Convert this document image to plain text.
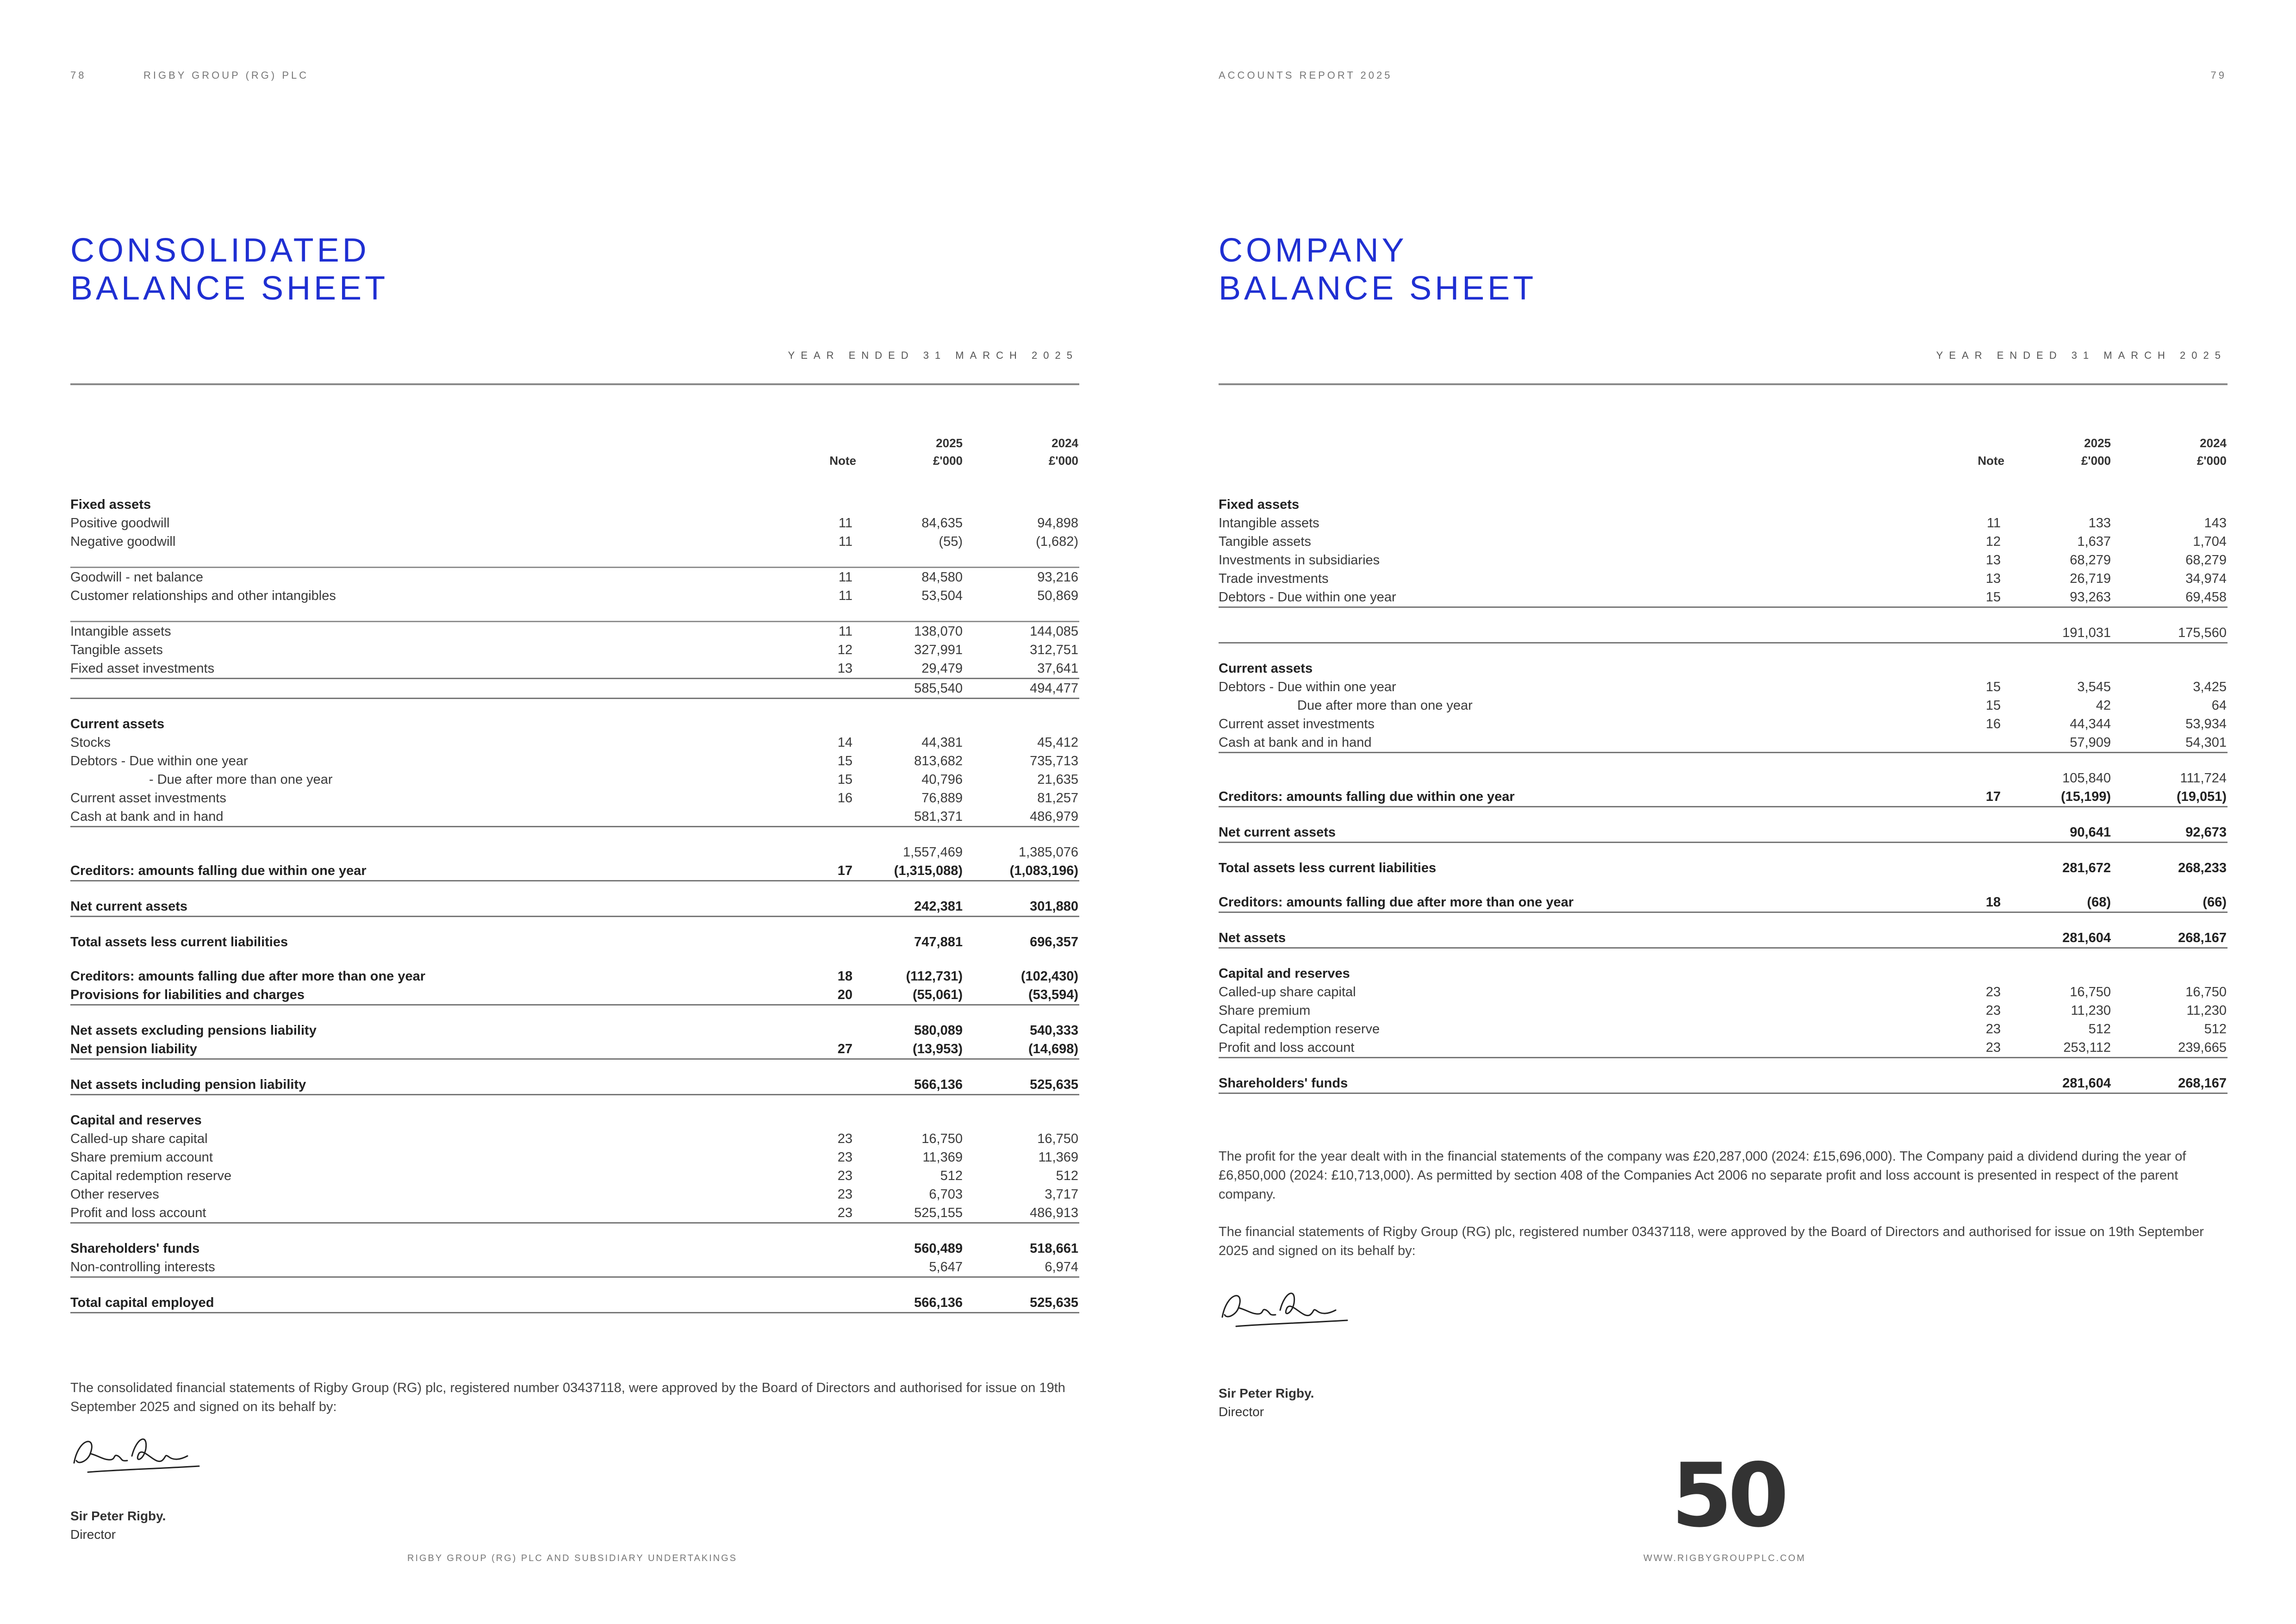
78	RIGBY GROUP (RG) PLC
CONSOLIDATED
BALANCE SHEET
YEAR ENDED 31 MARCH 2025
Note
2025
£'000
2024
£'000
Fixed assets
Positive goodwill	11	84,635	94,898
Negative goodwill	11	(55)	(1,682)
Goodwill - net balance	11	84,580	93,216
Customer relationships and other intangibles	11	53,504	50,869
Intangible assets	11	138,070	144,085
Tangible assets	12	327,991	312,751
Fixed asset investments	13	29,479	37,641
585,540	494,477
Current assets
Stocks	14	44,381	45,412
Debtors - Due within one year	15	813,682	735,713
- Due after more than one year	15	40,796	21,635
Current asset investments	16	76,889	81,257
Cash at bank and in hand	581,371	486,979
1,557,469	1,385,076
Creditors: amounts falling due within one year	17	(1,315,088)	(1,083,196)
Net current assets	242,381	301,880
Total assets less current liabilities	747,881	696,357
Creditors: amounts falling due after more than one year	18	(112,731)	(102,430)
Provisions for liabilities and charges	20	(55,061)	(53,594)
Net assets excluding pensions liability	580,089	540,333
Net pension liability	27	(13,953)	(14,698)
Net assets including pension liability	566,136	525,635
Capital and reserves
Called-up share capital	23	16,750	16,750
Share premium account	23	11,369	11,369
Capital redemption reserve	23	512	512
Other reserves	23	6,703	3,717
Profit and loss account	23	525,155	486,913
Shareholders' funds	560,489	518,661
Non-controlling interests	5,647	6,974
Total capital employed	566,136	525,635

The consolidated financial statements of Rigby Group (RG) plc, registered number 03437118, were approved by the Board of Directors and authorised for issue on 19th September 2025 and signed on its behalf by:

Sir Peter Rigby.
Director
RIGBY GROUP (RG) PLC AND SUBSIDIARY UNDERTAKINGS
ACCOUNTS REPORT 2025	79
COMPANY
BALANCE SHEET
YEAR ENDED 31 MARCH 2025
Note
2025
£'000
2024
£'000
Fixed assets
Intangible assets	11	133	143
Tangible assets	12	1,637	1,704
Investments in subsidiaries	13	68,279	68,279
Trade investments	13	26,719	34,974
Debtors - Due within one year	15	93,263	69,458
191,031	175,560
Current assets
Debtors - Due within one year	15	3,545	3,425
Due after more than one year	15	42	64
Current asset investments	16	44,344	53,934
Cash at bank and in hand	57,909	54,301
105,840	111,724
Creditors: amounts falling due within one year	17	(15,199)	(19,051)
Net current assets	90,641	92,673
Total assets less current liabilities	281,672	268,233
Creditors: amounts falling due after more than one year	18	(68)	(66)
Net assets	281,604	268,167
Capital and reserves
Called-up share capital	23	16,750	16,750
Share premium	23	11,230	11,230
Capital redemption reserve	23	512	512
Profit and loss account	23	253,112	239,665
Shareholders' funds	281,604	268,167

The profit for the year dealt with in the financial statements of the company was £20,287,000 (2024: £15,696,000). The Company paid a dividend during the year of £6,850,000 (2024: £10,713,000). As permitted by section 408 of the Companies Act 2006 no separate profit and loss account is presented in respect of the parent company.

The financial statements of Rigby Group (RG) plc, registered number 03437118, were approved by the Board of Directors and authorised for issue on 19th September 2025 and signed on its behalf by:

Sir Peter Rigby.
Director
50
WWW.RIGBYGROUPPLC.COM
